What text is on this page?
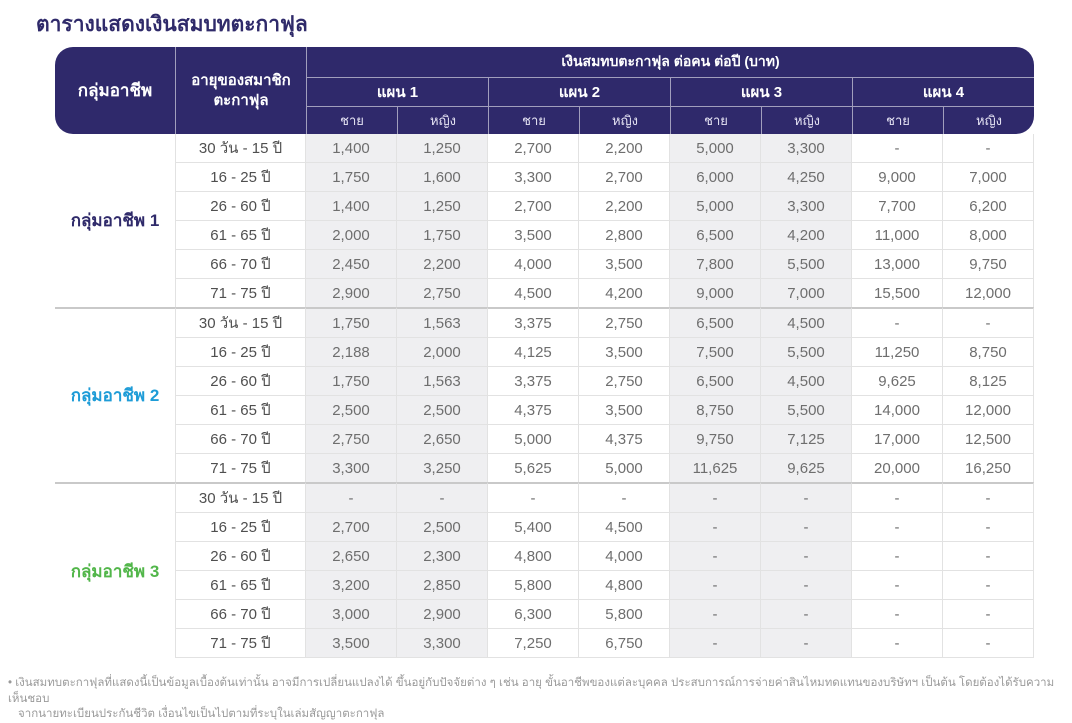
ตารางแสดงเงินสมบทตะกาฟุล
กลุ่มอาชีพ	อายุของสมาชิก
ตะกาฟุล	เงินสมทบตะกาฟุล ต่อคน ต่อปี (บาท)							
		แผน 1		แผน 2		แผน 3		แผน 4	
		ชาย	หญิง	ชาย	หญิง	ชาย	หญิง	ชาย	หญิง
กลุ่มอาชีพ 1	30 วัน - 15 ปี	1,400	1,250	2,700	2,200	5,000	3,300	-	-
	16 - 25 ปี	1,750	1,600	3,300	2,700	6,000	4,250	9,000	7,000
	26 - 60 ปี	1,400	1,250	2,700	2,200	5,000	3,300	7,700	6,200
	61 - 65 ปี	2,000	1,750	3,500	2,800	6,500	4,200	11,000	8,000
	66 - 70 ปี	2,450	2,200	4,000	3,500	7,800	5,500	13,000	9,750
	71 - 75 ปี	2,900	2,750	4,500	4,200	9,000	7,000	15,500	12,000
กลุ่มอาชีพ 2	30 วัน - 15 ปี	1,750	1,563	3,375	2,750	6,500	4,500	-	-
	16 - 25 ปี	2,188	2,000	4,125	3,500	7,500	5,500	11,250	8,750
	26 - 60 ปี	1,750	1,563	3,375	2,750	6,500	4,500	9,625	8,125
	61 - 65 ปี	2,500	2,500	4,375	3,500	8,750	5,500	14,000	12,000
	66 - 70 ปี	2,750	2,650	5,000	4,375	9,750	7,125	17,000	12,500
	71 - 75 ปี	3,300	3,250	5,625	5,000	11,625	9,625	20,000	16,250
กลุ่มอาชีพ 3	30 วัน - 15 ปี	-	-	-	-	-	-	-	-
	16 - 25 ปี	2,700	2,500	5,400	4,500	-	-	-	-
	26 - 60 ปี	2,650	2,300	4,800	4,000	-	-	-	-
	61 - 65 ปี	3,200	2,850	5,800	4,800	-	-	-	-
	66 - 70 ปี	3,000	2,900	6,300	5,800	-	-	-	-
	71 - 75 ปี	3,500	3,300	7,250	6,750	-	-	-	-
• เงินสมทบตะกาฟุลที่แสดงนี้เป็นข้อมูลเบื้องต้นเท่านั้น อาจมีการเปลี่ยนแปลงได้ ขึ้นอยู่กับปัจจัยต่าง ๆ เช่น อายุ ขั้นอาชีพของแต่ละบุคคล ประสบการณ์การจ่ายค่าสินไหมทดแทนของบริษัทฯ เป็นต้น โดยต้องได้รับความเห็นชอบ
จากนายทะเบียนประกันชีวิต เงื่อนไขเป็นไปตามที่ระบุในเล่มสัญญาตะกาฟุล
